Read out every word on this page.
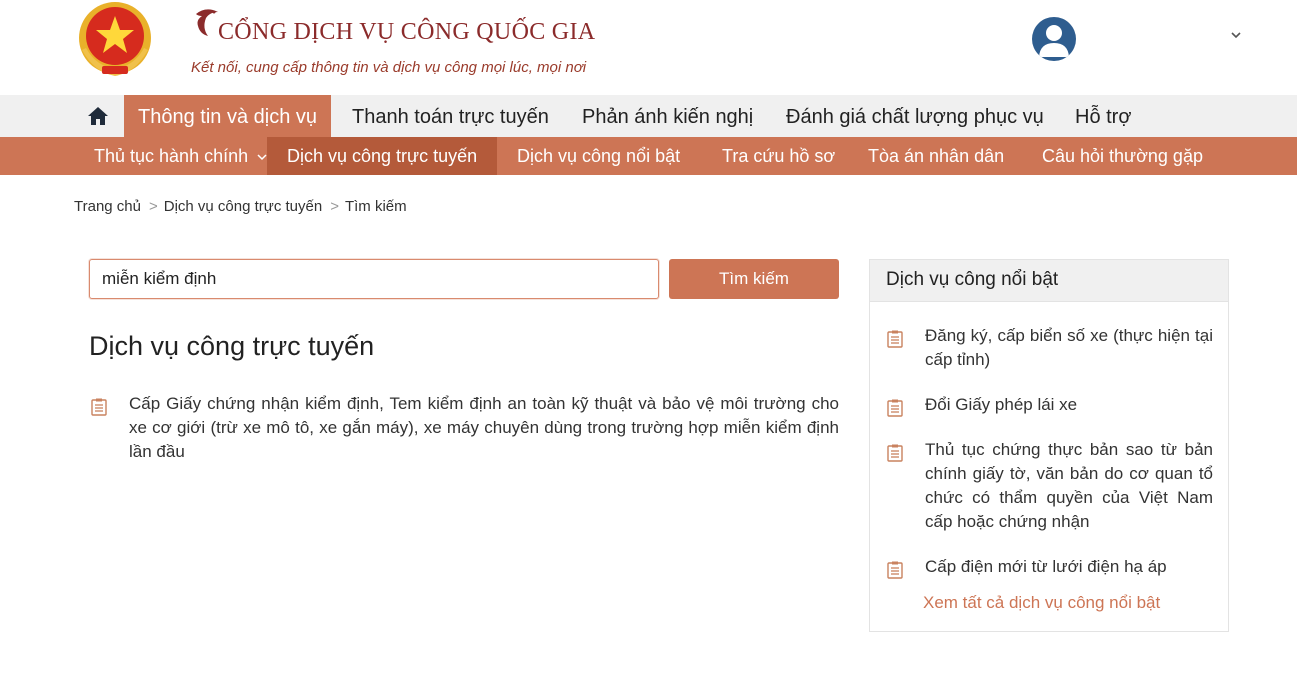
CỔNG DỊCH VỤ CÔNG QUỐC GIA
Kết nối, cung cấp thông tin và dịch vụ công mọi lúc, mọi nơi
Thông tin và dịch vụ	Thanh toán trực tuyến Phản ánh kiến nghị Đánh giá chất lượng phục vụ Hỗ trợ
Thủ tục hành chính	Dịch vụ công trực tuyến	Dịch vụ công nổi bật Tra cứu hồ sơ Tòa án nhân dân Câu hỏi thường gặp
Trang chủ > Dịch vụ công trực tuyến > Tìm kiếm
miễn kiểm định
Tìm kiếm
Dịch vụ công trực tuyến
Cấp Giấy chứng nhận kiểm định, Tem kiểm định an toàn kỹ thuật và bảo vệ môi trường cho xe cơ giới (trừ xe mô tô, xe gắn máy), xe máy chuyên dùng trong trường hợp miễn kiểm định lần đầu
Dịch vụ công nổi bật
Đăng ký, cấp biển số xe (thực hiện tại cấp tỉnh)
Đổi Giấy phép lái xe
Thủ tục chứng thực bản sao từ bản chính giấy tờ, văn bản do cơ quan tổ chức có thẩm quyền của Việt Nam cấp hoặc chứng nhận
Cấp điện mới từ lưới điện hạ áp
Xem tất cả dịch vụ công nổi bật
